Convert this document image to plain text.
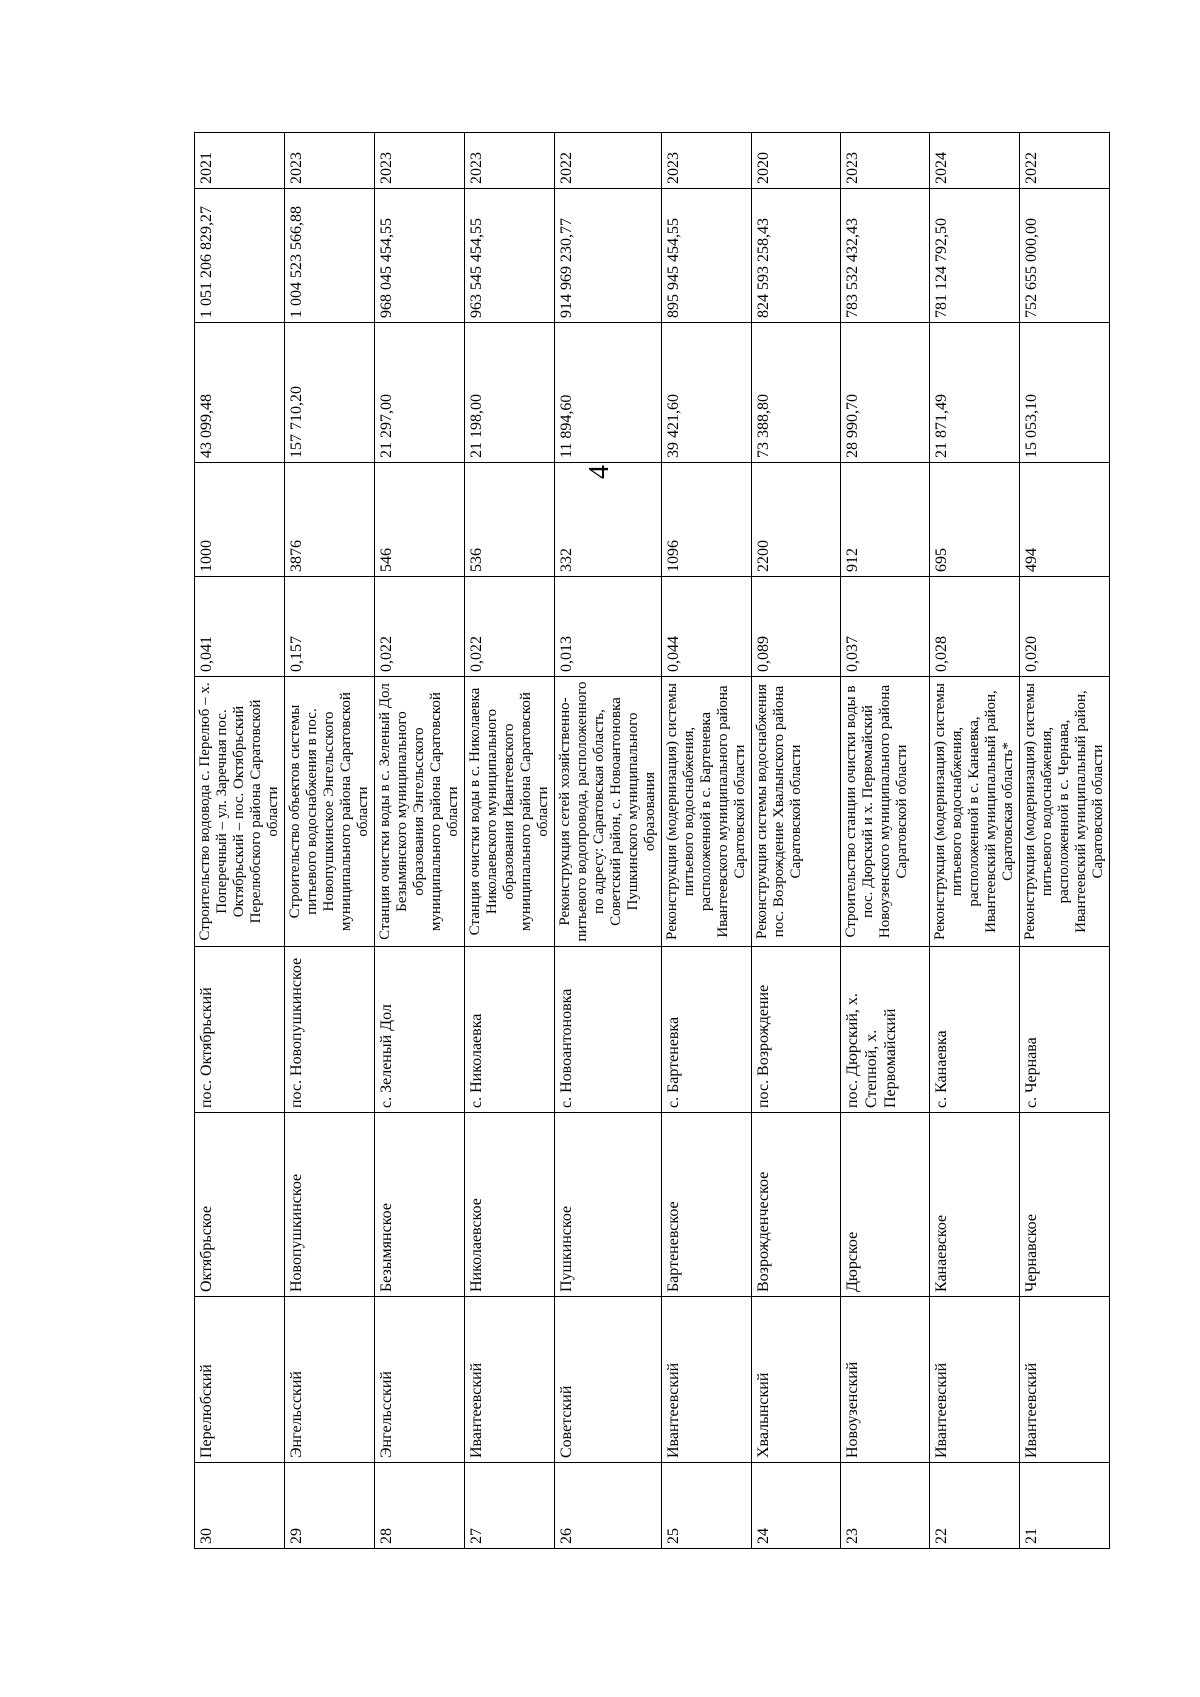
4
30	Перелюбский	Октябрьское	пос. Октябрьский	Строительство водовода с. Перелюб – х. Поперечный – ул. Заречная пос. Октябрьский – пос. Октябрьский Перелюбского района Саратовской области	0,041	1000	43 099,48	1 051 206 829,27	2021
29	Энгельсский	Новопушкинское	пос. Новопушкинское	Строительство объектов системы питьевого водоснабжения в пос. Новопушкинское Энгельсского муниципального района Саратовской области	0,157	3876	157 710,20	1 004 523 566,88	2023
28	Энгельсский	Безымянское	с. Зеленый Дол	Станция очистки воды в с. Зеленый Дол Безымянского муниципального образования Энгельсского муниципального района Саратовской области	0,022	546	21 297,00	968 045 454,55	2023
27	Ивантеевский	Николаевское	с. Николаевка	Станция очистки воды в с. Николаевка Николаевского муниципального образования Ивантеевского муниципального района Саратовской области	0,022	536	21 198,00	963 545 454,55	2023
26	Советский	Пушкинское	с. Новоантоновка	Реконструкция сетей хозяйственно-питьевого водопровода, расположенного по адресу: Саратовская область, Советский район, с. Новоантоновка Пушкинского муниципального образования	0,013	332	11 894,60	914 969 230,77	2022
25	Ивантеевский	Бартеневское	с. Бартеневка	Реконструкция (модернизация) системы питьевого водоснабжения, расположенной в с. Бартеневка Ивантеевского муниципального района Саратовской области	0,044	1096	39 421,60	895 945 454,55	2023
24	Хвалынский	Возрожденческое	пос. Возрождение	Реконструкция системы водоснабжения пос. Возрождение Хвалынского района Саратовской области	0,089	2200	73 388,80	824 593 258,43	2020
23	Новоузенский	Дюрское	пос. Дюрский, х. Степной, х. Первомайский	Строительство станции очистки воды в пос. Дюрский и х. Первомайский Новоузенского муниципального района Саратовской области	0,037	912	28 990,70	783 532 432,43	2023
22	Ивантеевский	Канаевское	с. Канаевка	Реконструкция (модернизация) системы питьевого водоснабжения, расположенной в с. Канаевка, Ивантеевский муниципальный район, Саратовская область*	0,028	695	21 871,49	781 124 792,50	2024
21	Ивантеевский	Чернавское	с. Чернава	Реконструкция (модернизация) системы питьевого водоснабжения, расположенной в с. Чернава, Ивантеевский муниципальный район, Саратовской области	0,020	494	15 053,10	752 655 000,00	2022
